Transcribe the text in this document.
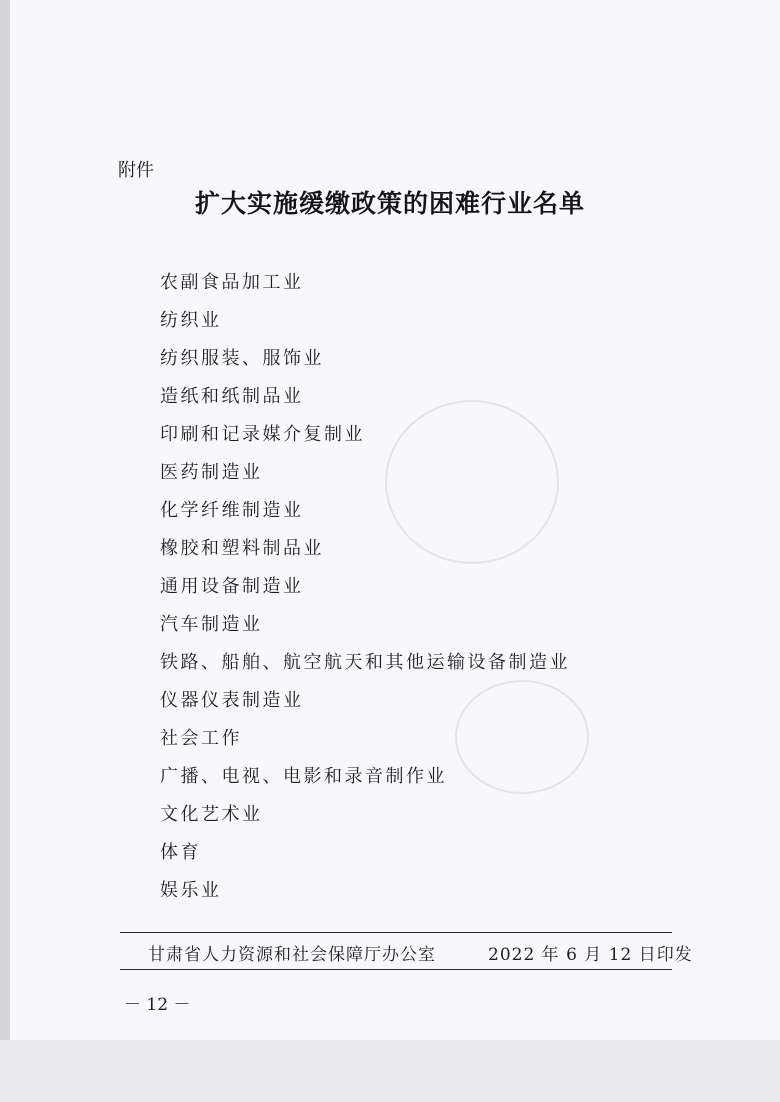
附件
扩大实施缓缴政策的困难行业名单
农副食品加工业
纺织业
纺织服装、服饰业
造纸和纸制品业
印刷和记录媒介复制业
医药制造业
化学纤维制造业
橡胶和塑料制品业
通用设备制造业
汽车制造业
铁路、船舶、航空航天和其他运输设备制造业
仪器仪表制造业
社会工作
广播、电视、电影和录音制作业
文化艺术业
体育
娱乐业
甘肃省人力资源和社会保障厅办公室	2022 年 6 月 12 日印发
－ 12 －
